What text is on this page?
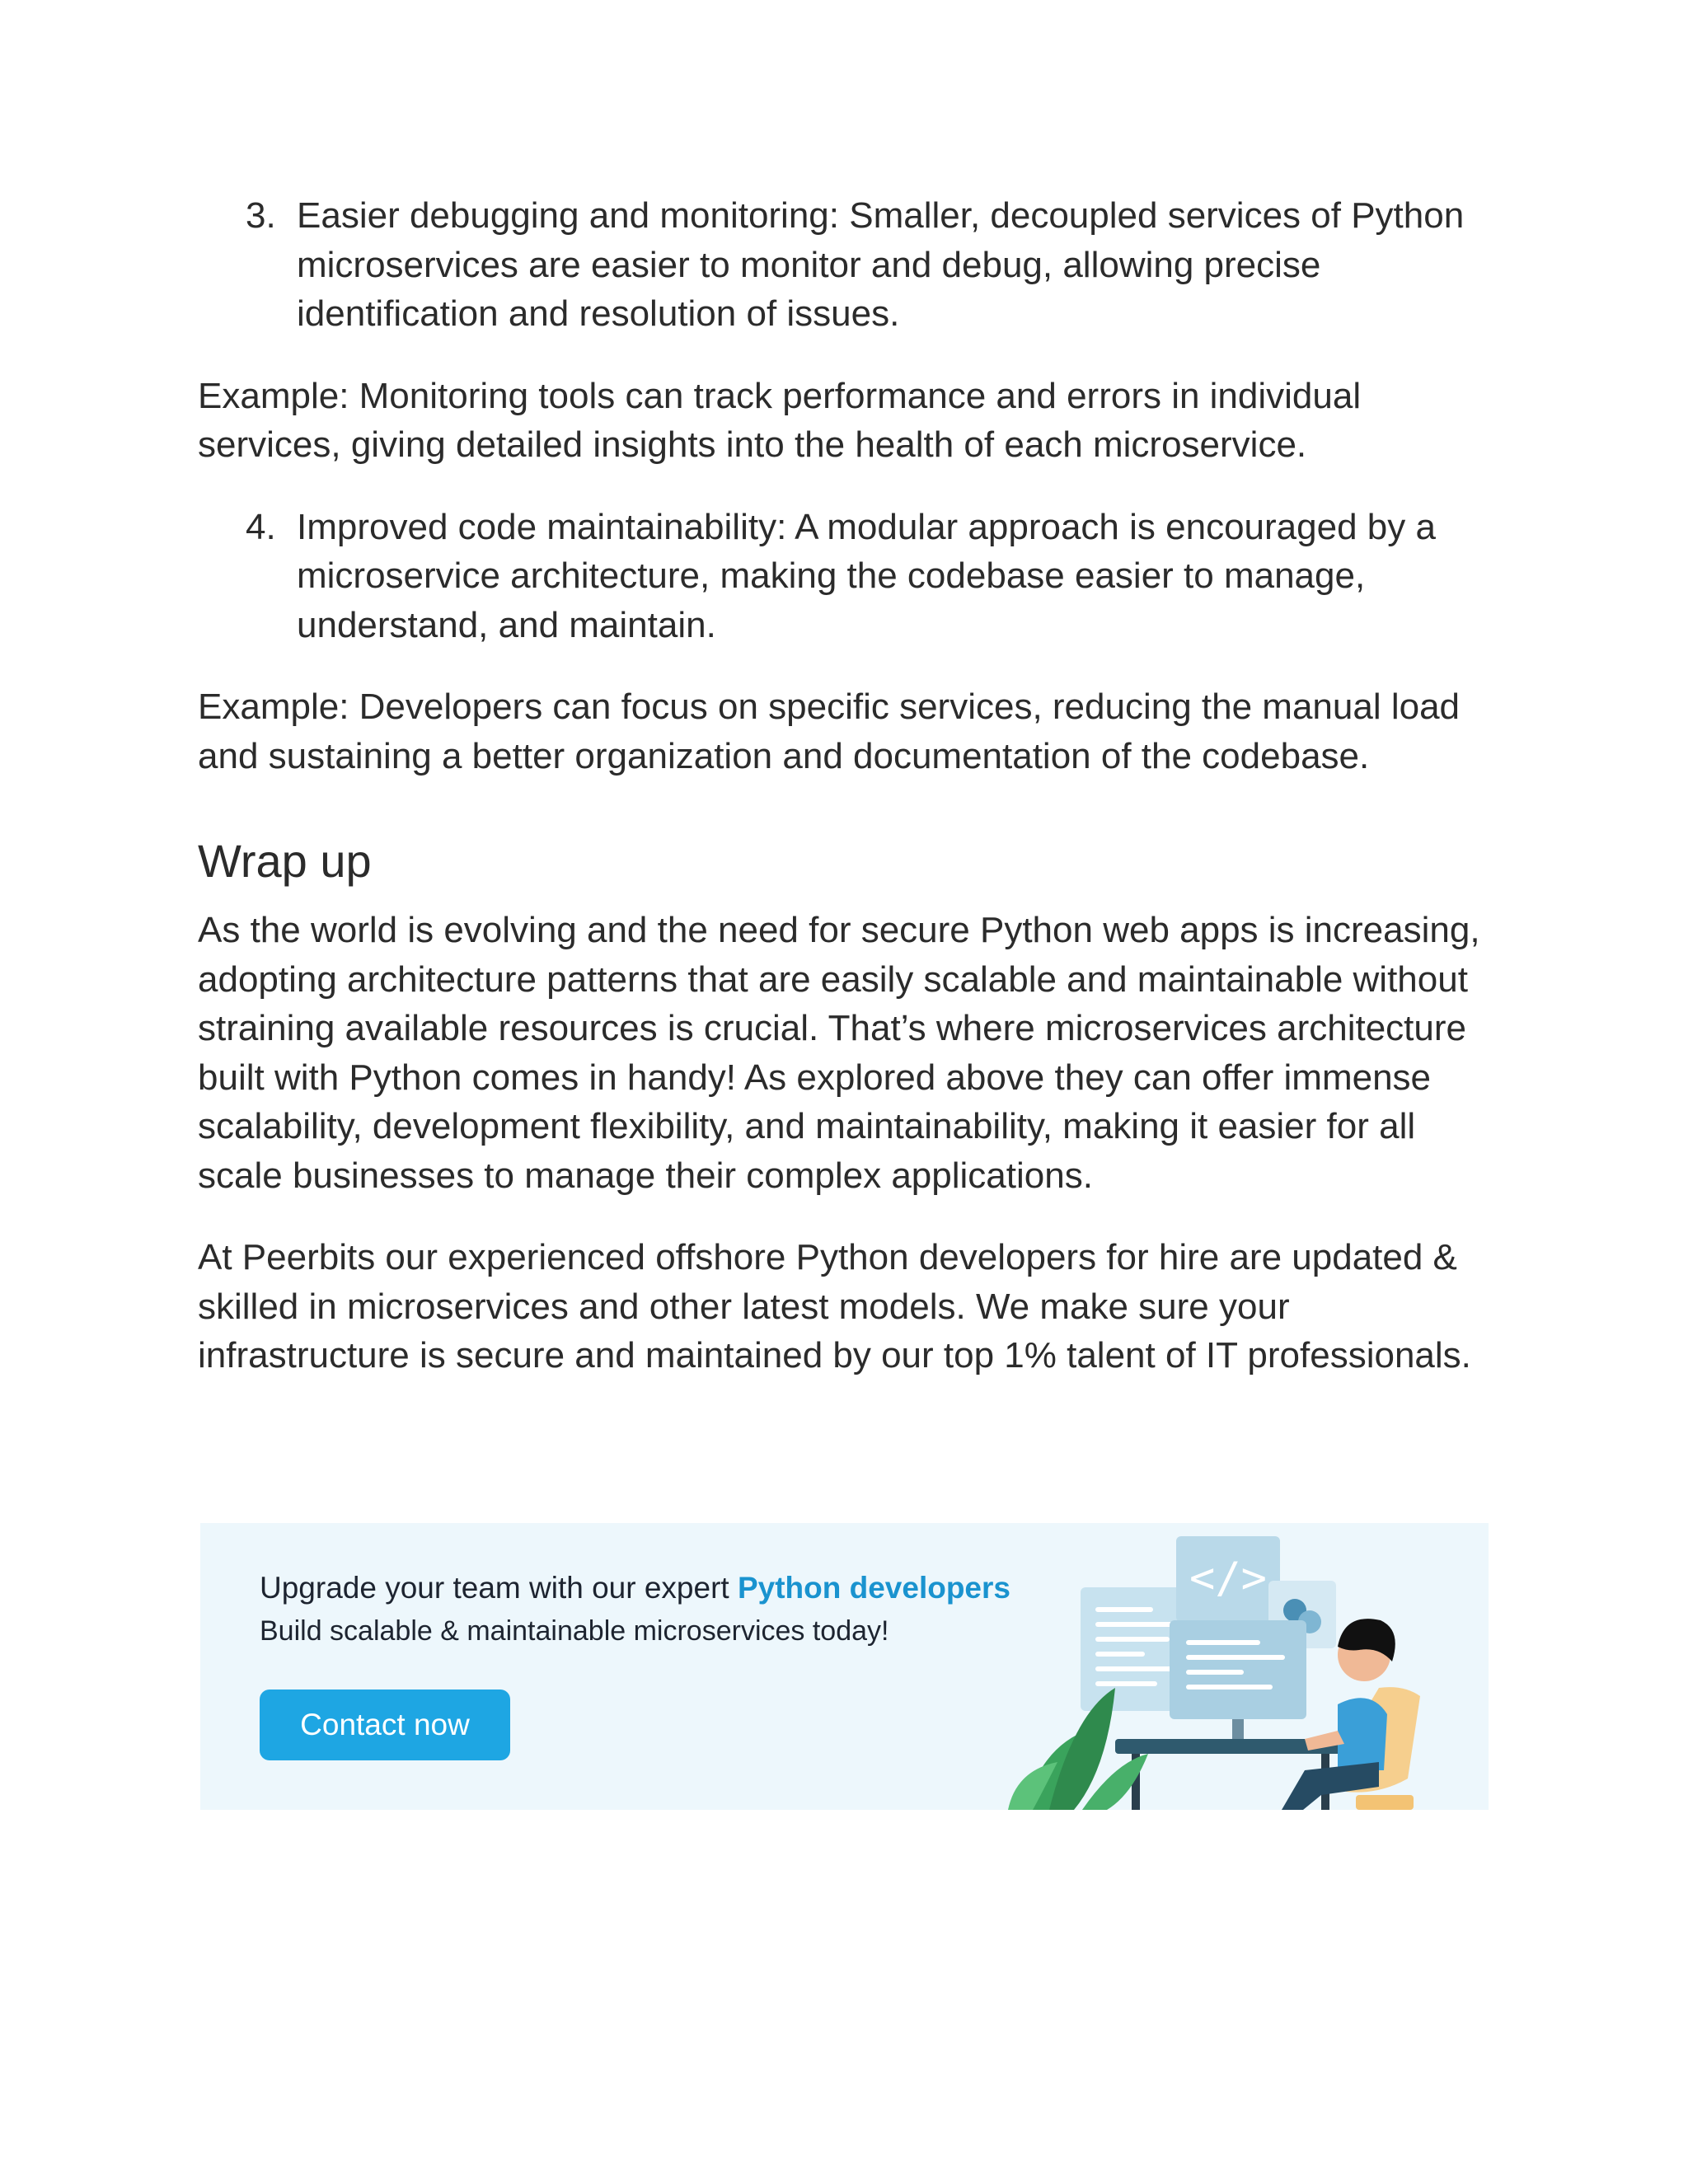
3. Easier debugging and monitoring: Smaller, decoupled services of Python microservices are easier to monitor and debug, allowing precise identification and resolution of issues.

Example: Monitoring tools can track performance and errors in individual services, giving detailed insights into the health of each microservice.

4. Improved code maintainability: A modular approach is encouraged by a microservice architecture, making the codebase easier to manage, understand, and maintain.

Example: Developers can focus on specific services, reducing the manual load and sustaining a better organization and documentation of the codebase.

Wrap up

As the world is evolving and the need for secure Python web apps is increasing, adopting architecture patterns that are easily scalable and maintainable without straining available resources is crucial. That’s where microservices architecture built with Python comes in handy! As explored above they can offer immense scalability, development flexibility, and maintainability, making it easier for all scale businesses to manage their complex applications.

At Peerbits our experienced offshore Python developers for hire are updated & skilled in microservices and other latest models. We make sure your infrastructure is secure and maintained by our top 1% talent of IT professionals.

Upgrade your team with our expert Python developers
Build scalable & maintainable microservices today!
Contact now
</>
